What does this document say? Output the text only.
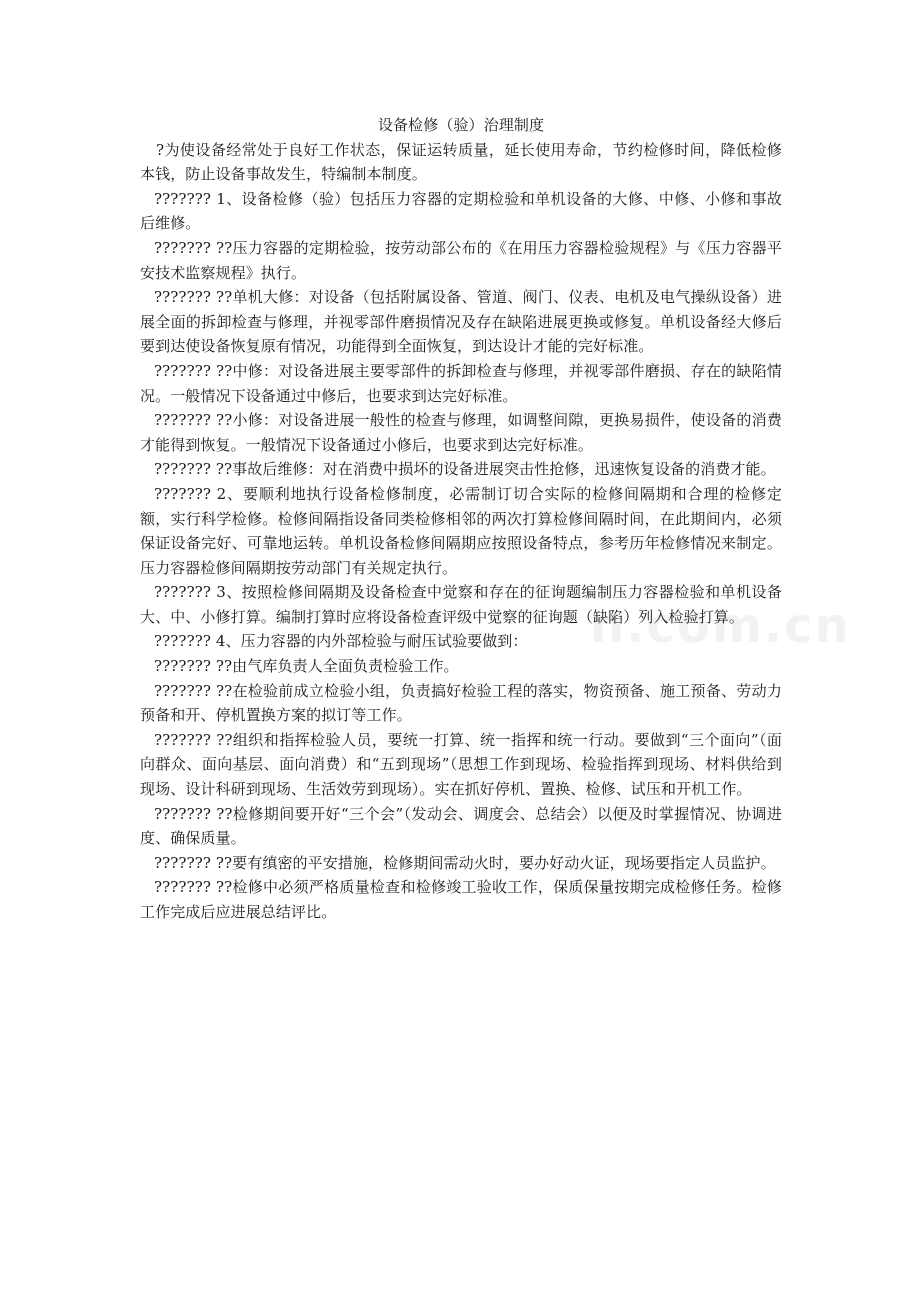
n.com.cn
设备检修（验）治理制度

?为使设备经常处于良好工作状态，保证运转质量，延长使用寿命，节约检修时间，降低检修本钱，防止设备事故发生，特编制本制度。

??????? 1、设备检修（验）包括压力容器的定期检验和单机设备的大修、中修、小修和事故后维修。

??????? ??压力容器的定期检验，按劳动部公布的《在用压力容器检验规程》与《压力容器平安技术监察规程》执行。

??????? ??单机大修：对设备（包括附属设备、管道、阀门、仪表、电机及电气操纵设备）进展全面的拆卸检查与修理，并视零部件磨损情况及存在缺陷进展更换或修复。单机设备经大修后要到达使设备恢复原有情况，功能得到全面恢复，到达设计才能的完好标准。

??????? ??中修：对设备进展主要零部件的拆卸检查与修理，并视零部件磨损、存在的缺陷情况。一般情况下设备通过中修后，也要求到达完好标准。

??????? ??小修：对设备进展一般性的检查与修理，如调整间隙，更换易损件，使设备的消费才能得到恢复。一般情况下设备通过小修后，也要求到达完好标准。

??????? ??事故后维修：对在消费中损坏的设备进展突击性抢修，迅速恢复设备的消费才能。

??????? 2、要顺利地执行设备检修制度，必需制订切合实际的检修间隔期和合理的检修定额，实行科学检修。检修间隔指设备同类检修相邻的两次打算检修间隔时间，在此期间内，必须保证设备完好、可靠地运转。单机设备检修间隔期应按照设备特点，参考历年检修情况来制定。压力容器检修间隔期按劳动部门有关规定执行。

??????? 3、按照检修间隔期及设备检查中觉察和存在的征询题编制压力容器检验和单机设备大、中、小修打算。编制打算时应将设备检查评级中觉察的征询题（缺陷）列入检验打算。

??????? 4、压力容器的内外部检验与耐压试验要做到：

??????? ??由气库负责人全面负责检验工作。

??????? ??在检验前成立检验小组，负责搞好检验工程的落实，物资预备、施工预备、劳动力预备和开、停机置换方案的拟订等工作。

??????? ??组织和指挥检验人员，要统一打算、统一指挥和统一行动。要做到“三个面向”（面向群众、面向基层、面向消费）和“五到现场”（思想工作到现场、检验指挥到现场、材料供给到现场、设计科研到现场、生活效劳到现场）。实在抓好停机、置换、检修、试压和开机工作。

??????? ??检修期间要开好“三个会”（发动会、调度会、总结会）以便及时掌握情况、协调进度、确保质量。

??????? ??要有缜密的平安措施，检修期间需动火时，要办好动火证，现场要指定人员监护。

??????? ??检修中必须严格质量检查和检修竣工验收工作，保质保量按期完成检修任务。检修工作完成后应进展总结评比。
